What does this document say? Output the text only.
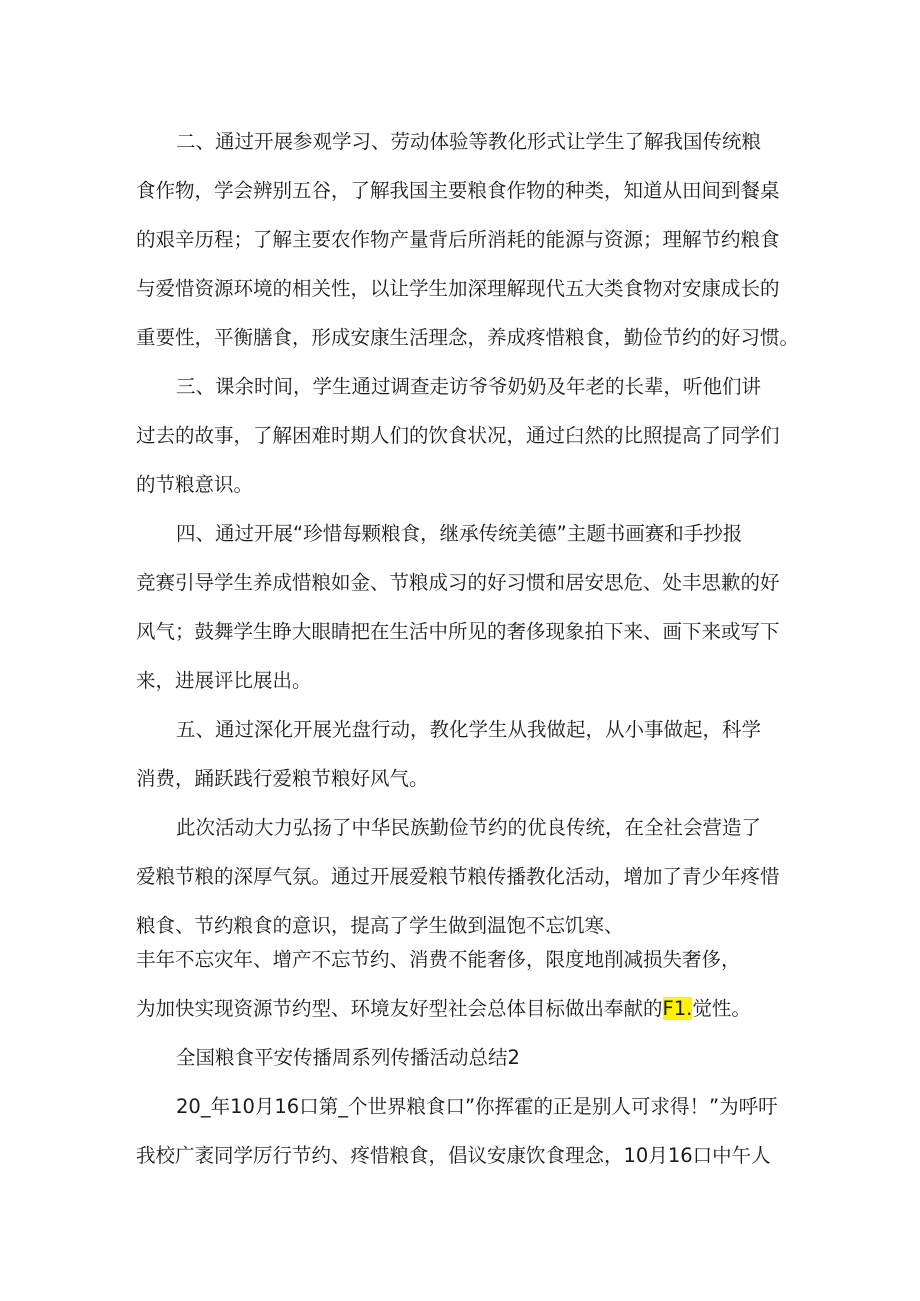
二、通过开展参观学习、劳动体验等教化形式让学生了解我国传统粮
食作物，学会辨别五谷，了解我国主要粮食作物的种类，知道从田间到餐桌
的艰辛历程；了解主要农作物产量背后所消耗的能源与资源；理解节约粮食
与爱惜资源环境的相关性，以让学生加深理解现代五大类食物对安康成长的
重要性，平衡膳食，形成安康生活理念，养成疼惜粮食，勤俭节约的好习惯。
三、课余时间，学生通过调查走访爷爷奶奶及年老的长辈，听他们讲
过去的故事，了解困难时期人们的饮食状况，通过臼然的比照提高了同学们
的节粮意识。
四、通过开展“珍惜每颗粮食，继承传统美德”主题书画赛和手抄报
竞赛引导学生养成惜粮如金、节粮成习的好习惯和居安思危、处丰思歉的好
风气；鼓舞学生睁大眼睛把在生活中所见的奢侈现象拍下来、画下来或写下
来，进展评比展出。
五、通过深化开展光盘行动，教化学生从我做起，从小事做起，科学
消费，踊跃践行爱粮节粮好风气。
此次活动大力弘扬了中华民族勤俭节约的优良传统，在全社会营造了
爱粮节粮的深厚气氛。通过开展爱粮节粮传播教化活动，增加了青少年疼惜
粮食、节约粮食的意识，提高了学生做到温饱不忘饥寒、
丰年不忘灾年、增产不忘节约、消费不能奢侈，限度地削减损失奢侈，
为加快实现资源节约型、环境友好型社会总体目标做出奉献的F1.觉性。
全国粮食平安传播周系列传播活动总结2
20_年10月16口第_个世界粮食口”你挥霍的正是别人可求得！”为呼吁
我校广袤同学厉行节约、疼惜粮食，倡议安康饮食理念，10月16口中午人
